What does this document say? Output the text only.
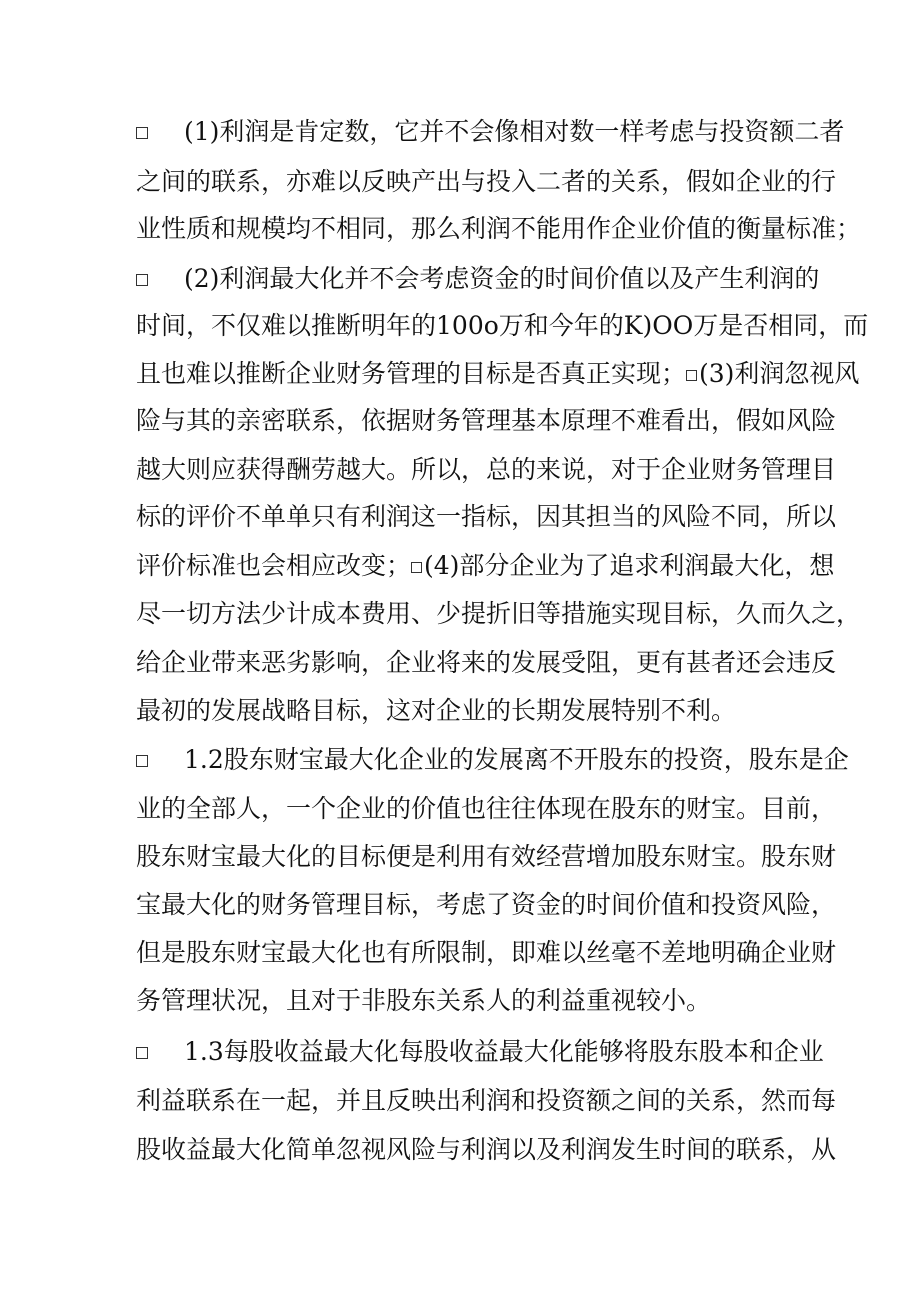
(1)利润是肯定数，它并不会像相对数一样考虑与投资额二者
之间的联系，亦难以反映产出与投入二者的关系，假如企业的行
业性质和规模均不相同，那么利润不能用作企业价值的衡量标准；
(2)利润最大化并不会考虑资金的时间价值以及产生利润的
时间，不仅难以推断明年的100o万和今年的K)OO万是否相同，而
且也难以推断企业财务管理的目标是否真正实现； (3)利润忽视风
险与其的亲密联系，依据财务管理基本原理不难看出，假如风险
越大则应获得酬劳越大。所以，总的来说，对于企业财务管理目
标的评价不单单只有利润这一指标，因其担当的风险不同，所以
评价标准也会相应改变； (4)部分企业为了追求利润最大化，想
尽一切方法少计成本费用、少提折旧等措施实现目标，久而久之，
给企业带来恶劣影响，企业将来的发展受阻，更有甚者还会违反
最初的发展战略目标，这对企业的长期发展特别不利。
1.2股东财宝最大化企业的发展离不开股东的投资，股东是企
业的全部人，一个企业的价值也往往体现在股东的财宝。目前，
股东财宝最大化的目标便是利用有效经营增加股东财宝。股东财
宝最大化的财务管理目标，考虑了资金的时间价值和投资风险，
但是股东财宝最大化也有所限制，即难以丝毫不差地明确企业财
务管理状况，且对于非股东关系人的利益重视较小。
1.3每股收益最大化每股收益最大化能够将股东股本和企业
利益联系在一起，并且反映出利润和投资额之间的关系，然而每
股收益最大化简单忽视风险与利润以及利润发生时间的联系，从
